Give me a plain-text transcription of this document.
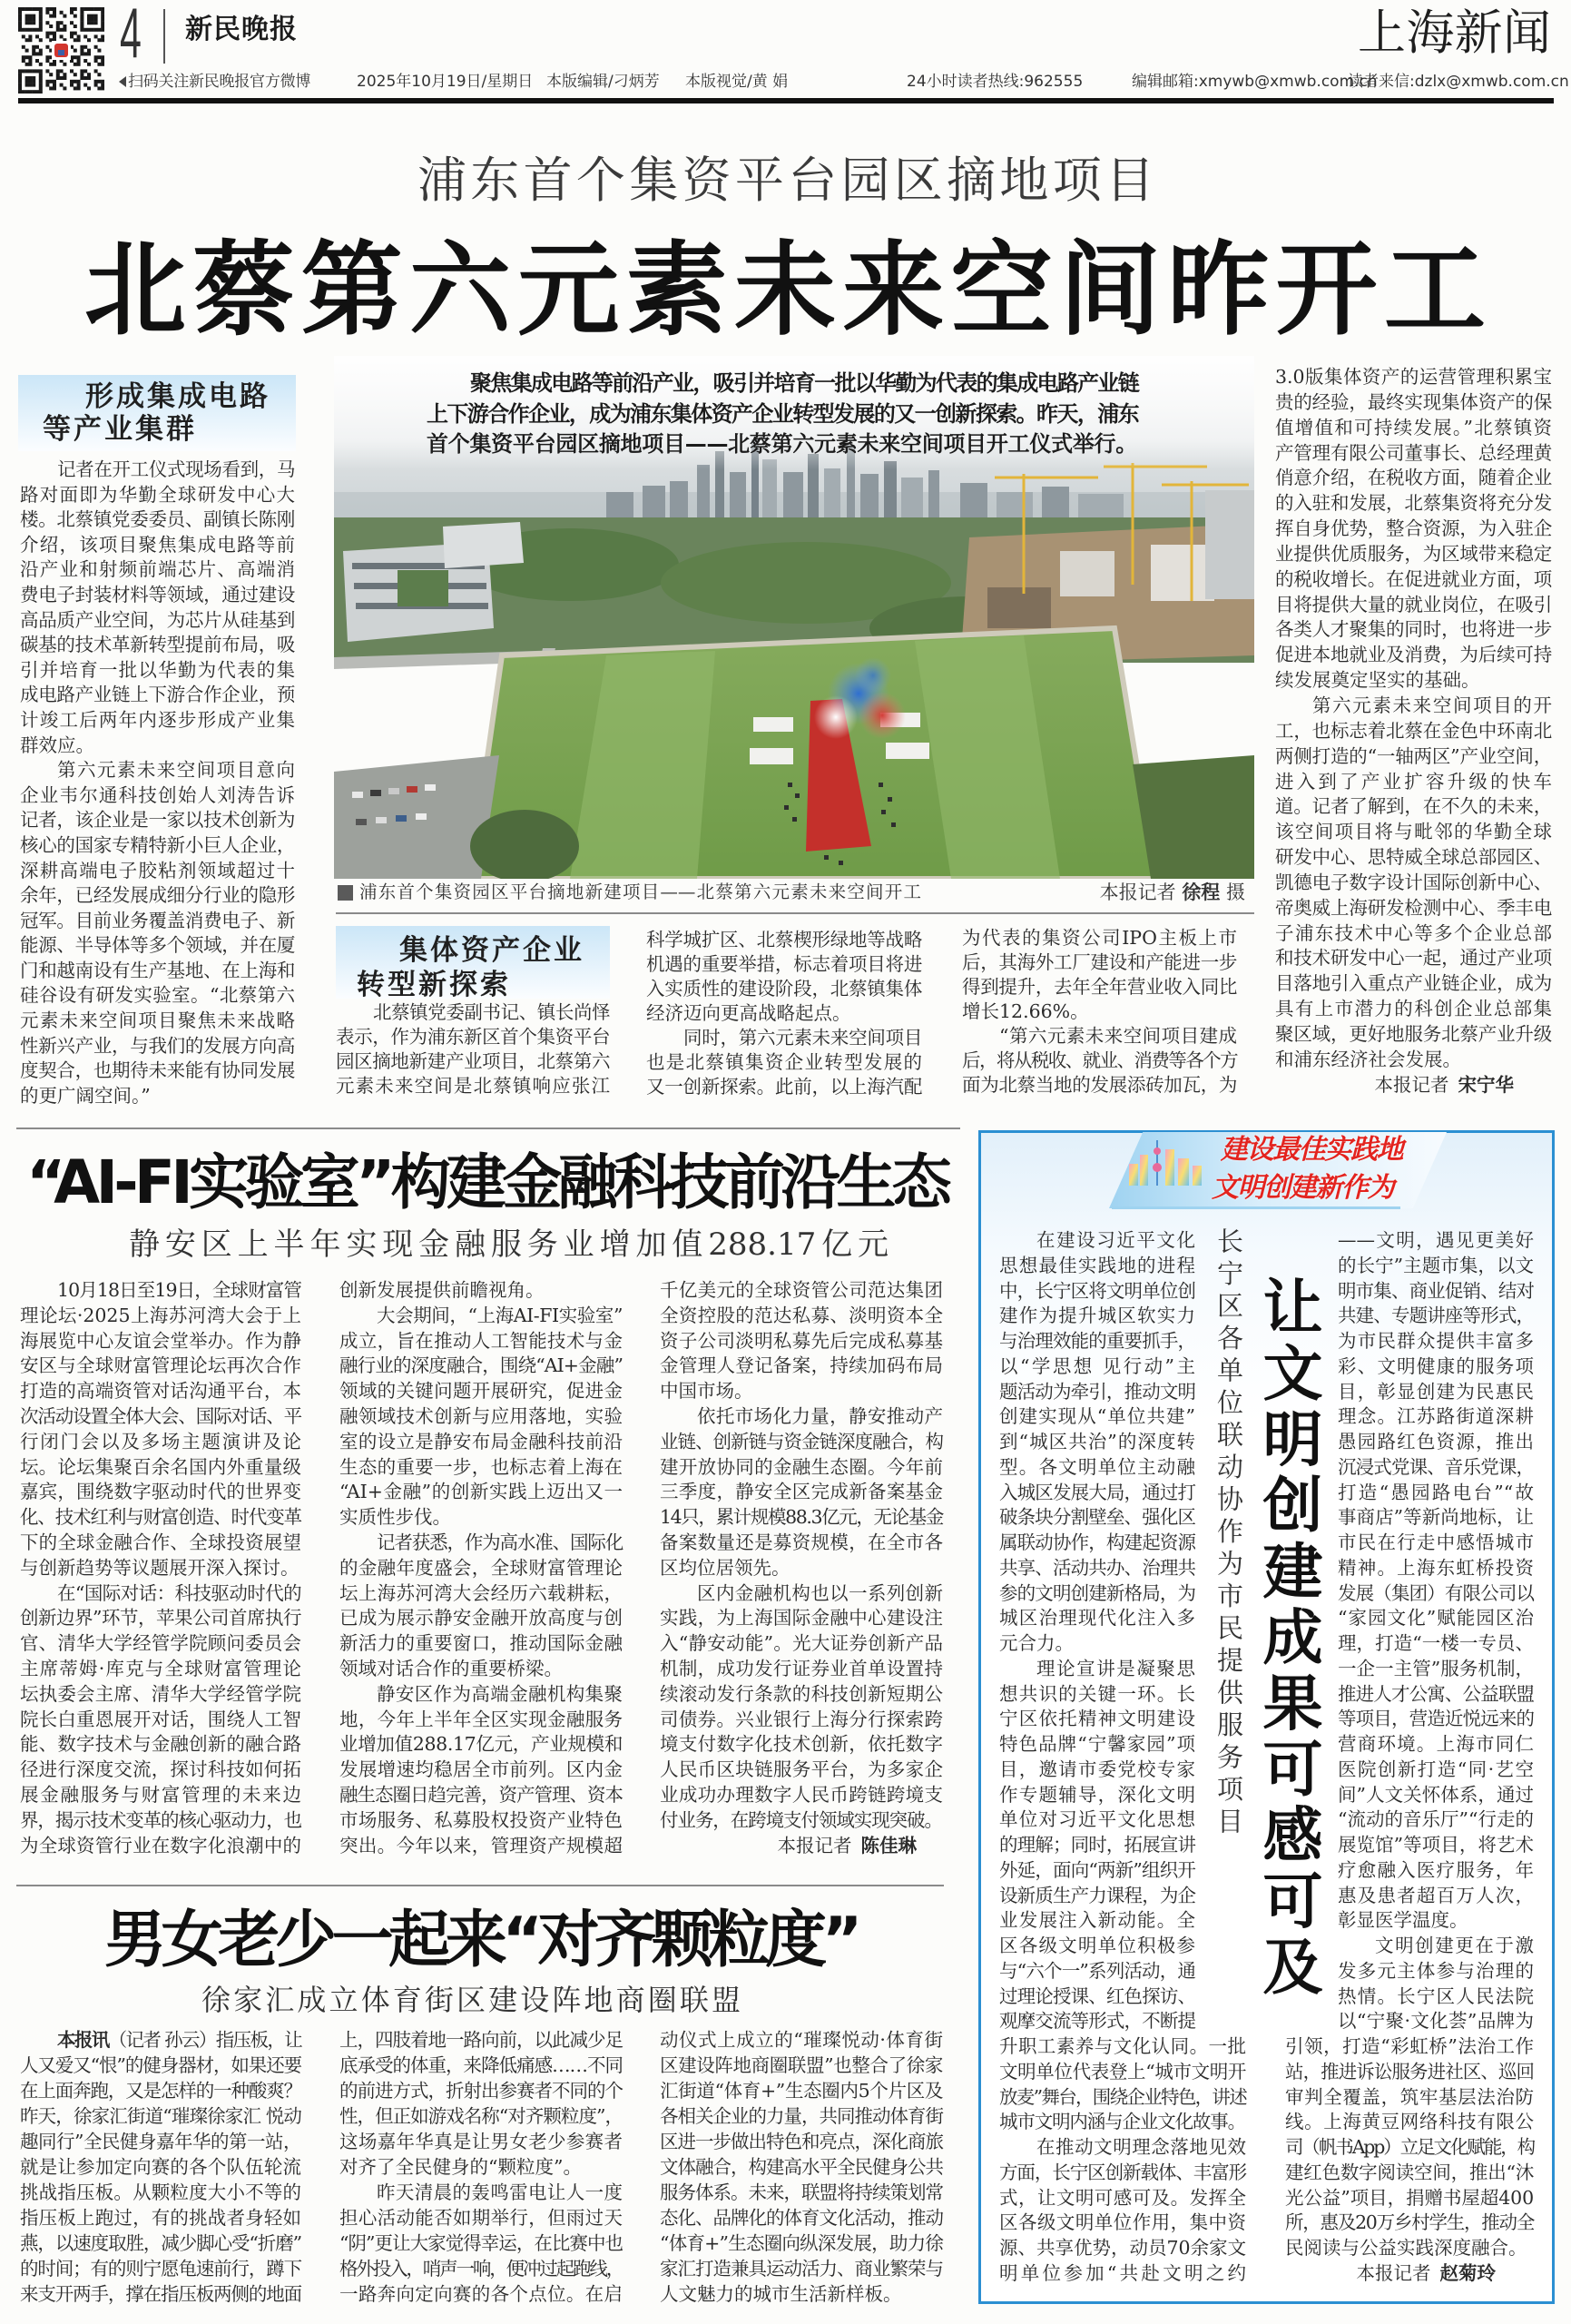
4 新民晚报	上海新闻
扫码关注新民晚报官方微博	2025年10月19日/星期日 本版编辑/刁炳芳 本版视觉/黄 娟	24小时读者热线:962555	编辑邮箱:xmywb@xmwb.com.cn
读者来信:dzlx@xmwb.com.cn
浦东首个集资平台园区摘地项目
北蔡第六元素未来空间昨开工
形成集成电路
等产业集群
记者在开工仪式现场看到，马
路对面即为华勤全球研发中心大
楼。北蔡镇党委委员、副镇长陈刚
介绍，该项目聚焦集成电路等前
沿产业和射频前端芯片、高端消
费电子封装材料等领域，通过建设
高品质产业空间，为芯片从硅基到
碳基的技术革新转型提前布局，吸
引并培育一批以华勤为代表的集
成电路产业链上下游合作企业，预
计竣工后两年内逐步形成产业集
群效应。
第六元素未来空间项目意向
企业韦尔通科技创始人刘涛告诉
记者，该企业是一家以技术创新为
核心的国家专精特新小巨人企业，
深耕高端电子胶粘剂领域超过十
余年，已经发展成细分行业的隐形
冠军。目前业务覆盖消费电子、新
能源、半导体等多个领域，并在厦
门和越南设有生产基地、在上海和
硅谷设有研发实验室。“北蔡第六
元素未来空间项目聚焦未来战略
性新兴产业，与我们的发展方向高
度契合，也期待未来能有协同发展
的更广阔空间。”
聚焦集成电路等前沿产业，吸引并培育一批以华勤为代表的集成电路产业链
上下游合作企业，成为浦东集体资产企业转型发展的又一创新探索。昨天，浦东
首个集资平台园区摘地项目——北蔡第六元素未来空间项目开工仪式举行。
浦东首个集资园区平台摘地新建项目——北蔡第六元素未来空间开工	本报记者 徐程 摄
集体资产企业
转型新探索
北蔡镇党委副书记、镇长尚怿
表示，作为浦东新区首个集资平台
园区摘地新建产业项目，北蔡第六
元素未来空间是北蔡镇响应张江
科学城扩区、北蔡楔形绿地等战略
机遇的重要举措，标志着项目将进
入实质性的建设阶段，北蔡镇集体
经济迈向更高战略起点。
同时，第六元素未来空间项目
也是北蔡镇集资企业转型发展的
又一创新探索。此前，以上海汽配
为代表的集资公司IPO主板上市
后，其海外工厂建设和产能进一步
得到提升，去年全年营业收入同比
增长12.66%。
“第六元素未来空间项目建成
后，将从税收、就业、消费等各个方
面为北蔡当地的发展添砖加瓦，为
3.0版集体资产的运营管理积累宝
贵的经验，最终实现集体资产的保
值增值和可持续发展。”北蔡镇资
产管理有限公司董事长、总经理黄
俏意介绍，在税收方面，随着企业
的入驻和发展，北蔡集资将充分发
挥自身优势，整合资源，为入驻企
业提供优质服务，为区域带来稳定
的税收增长。在促进就业方面，项
目将提供大量的就业岗位，在吸引
各类人才聚集的同时，也将进一步
促进本地就业及消费，为后续可持
续发展奠定坚实的基础。
第六元素未来空间项目的开
工，也标志着北蔡在金色中环南北
两侧打造的“一轴两区”产业空间，
进入到了产业扩容升级的快车
道。记者了解到，在不久的未来，
该空间项目将与毗邻的华勤全球
研发中心、思特威全球总部园区、
凯德电子数字设计国际创新中心、
帝奥威上海研发检测中心、季丰电
子浦东技术中心等多个企业总部
和技术研发中心一起，通过产业项
目落地引入重点产业链企业，成为
具有上市潜力的科创企业总部集
聚区域，更好地服务北蔡产业升级
和浦东经济社会发展。
本报记者 宋宁华
“AI-FI实验室”构建金融科技前沿生态
静安区上半年实现金融服务业增加值288.17亿元
10月18日至19日，全球财富管
理论坛·2025上海苏河湾大会于上
海展览中心友谊会堂举办。作为静
安区与全球财富管理论坛再次合作
打造的高端资管对话沟通平台，本
次活动设置全体大会、国际对话、平
行闭门会以及多场主题演讲及论
坛。论坛集聚百余名国内外重量级
嘉宾，围绕数字驱动时代的世界变
化、技术红利与财富创造、时代变革
下的全球金融合作、全球投资展望
与创新趋势等议题展开深入探讨。
在“国际对话：科技驱动时代的
创新边界”环节，苹果公司首席执行
官、清华大学经管学院顾问委员会
主席蒂姆·库克与全球财富管理论
坛执委会主席、清华大学经管学院
院长白重恩展开对话，围绕人工智
能、数字技术与金融创新的融合路
径进行深度交流，探讨科技如何拓
展金融服务与财富管理的未来边
界，揭示技术变革的核心驱动力，也
为全球资管行业在数字化浪潮中的
创新发展提供前瞻视角。
大会期间，“上海AI-FI实验室”
成立，旨在推动人工智能技术与金
融行业的深度融合，围绕“AI+金融”
领域的关键问题开展研究，促进金
融领域技术创新与应用落地，实验
室的设立是静安布局金融科技前沿
生态的重要一步，也标志着上海在
“AI+金融”的创新实践上迈出又一
实质性步伐。
记者获悉，作为高水准、国际化
的金融年度盛会，全球财富管理论
坛上海苏河湾大会经历六载耕耘，
已成为展示静安金融开放高度与创
新活力的重要窗口，推动国际金融
领域对话合作的重要桥梁。
静安区作为高端金融机构集聚
地，今年上半年全区实现金融服务
业增加值288.17亿元，产业规模和
发展增速均稳居全市前列。区内金
融生态圈日趋完善，资产管理、资本
市场服务、私募股权投资产业特色
突出。今年以来，管理资产规模超
千亿美元的全球资管公司范达集团
全资控股的范达私募、淡明资本全
资子公司淡明私募先后完成私募基
金管理人登记备案，持续加码布局
中国市场。
依托市场化力量，静安推动产
业链、创新链与资金链深度融合，构
建开放协同的金融生态圈。今年前
三季度，静安全区完成新备案基金
14只，累计规模88.3亿元，无论基金
备案数量还是募资规模，在全市各
区均位居领先。
区内金融机构也以一系列创新
实践，为上海国际金融中心建设注
入“静安动能”。光大证券创新产品
机制，成功发行证券业首单设置持
续滚动发行条款的科技创新短期公
司债券。兴业银行上海分行探索跨
境支付数字化技术创新，依托数字
人民币区块链服务平台，为多家企
业成功办理数字人民币跨链跨境支
付业务，在跨境支付领域实现突破。
本报记者 陈佳琳
男女老少一起来“对齐颗粒度”
徐家汇成立体育街区建设阵地商圈联盟
本报讯（记者 孙云）指压板，让
人又爱又“恨”的健身器材，如果还要
在上面奔跑，又是怎样的一种酸爽？
昨天，徐家汇街道“璀璨徐家汇 悦动
趣同行”全民健身嘉年华的第一站，
就是让参加定向赛的各个队伍轮流
挑战指压板。从颗粒度大小不等的
指压板上跑过，有的挑战者身轻如
燕，以速度取胜，减少脚心受“折磨”
的时间；有的则宁愿龟速前行，蹲下
来支开两手，撑在指压板两侧的地面
上，四肢着地一路向前，以此减少足
底承受的体重，来降低痛感……不同
的前进方式，折射出参赛者不同的个
性，但正如游戏名称“对齐颗粒度”，
这场嘉年华真是让男女老少参赛者
对齐了全民健身的“颗粒度”。
昨天清晨的轰鸣雷电让人一度
担心活动能否如期举行，但雨过天
“阴”更让大家觉得幸运，在比赛中也
格外投入，哨声一响，便冲过起跑线，
一路奔向定向赛的各个点位。在启
动仪式上成立的“璀璨悦动·体育街
区建设阵地商圈联盟”也整合了徐家
汇街道“体育+”生态圈内5个片区及
各相关企业的力量，共同推动体育街
区进一步做出特色和亮点，深化商旅
文体融合，构建高水平全民健身公共
服务体系。未来，联盟将持续策划常
态化、品牌化的体育文化活动，推动
“体育+”生态圈向纵深发展，助力徐
家汇打造兼具运动活力、商业繁荣与
人文魅力的城市生活新样板。
建设最佳实践地
文明创建新作为
在建设习近平文化
思想最佳实践地的进程
中，长宁区将文明单位创
建作为提升城区软实力
与治理效能的重要抓手，
以“学思想 见行动”主
题活动为牵引，推动文明
创建实现从“单位共建”
到“城区共治”的深度转
型。各文明单位主动融
入城区发展大局，通过打
破条块分割壁垒、强化区
属联动协作，构建起资源
共享、活动共办、治理共
参的文明创建新格局，为
城区治理现代化注入多
元合力。
理论宣讲是凝聚思
想共识的关键一环。长
宁区依托精神文明建设
特色品牌“宁馨家园”项
目，邀请市委党校专家
作专题辅导，深化文明
单位对习近平文化思想
的理解；同时，拓展宣讲
外延，面向“两新”组织开
设新质生产力课程，为企
业发展注入新动能。全
区各级文明单位积极参
与“六个一”系列活动，通
过理论授课、红色探访、
观摩交流等形式，不断提
升职工素养与文化认同。一批
文明单位代表登上“城市文明开
放麦”舞台，围绕企业特色，讲述
城市文明内涵与企业文化故事。
在推动文明理念落地见效
方面，长宁区创新载体、丰富形
式，让文明可感可及。发挥全
区各级文明单位作用，集中资
源、共享优势，动员70余家文
明单位参加“共赴文明之约
长宁区各单位联动协作为市民提供服务项目 让文明创建成果可感可及
——文明，遇见更美好
的长宁”主题市集，以文
明市集、商业促销、结对
共建、专题讲座等形式，
为市民群众提供丰富多
彩、文明健康的服务项
目，彰显创建为民惠民
理念。江苏路街道深耕
愚园路红色资源，推出
沉浸式党课、音乐党课，
打造“愚园路电台”“故
事商店”等新尚地标，让
市民在行走中感悟城市
精神。上海东虹桥投资
发展（集团）有限公司以
“家园文化”赋能园区治
理，打造“一楼一专员、
一企一主管”服务机制，
推进人才公寓、公益联盟
等项目，营造近悦远来的
营商环境。上海市同仁
医院创新打造“同·艺空
间”人文关怀体系，通过
“流动的音乐厅”“行走的
展览馆”等项目，将艺术
疗愈融入医疗服务，年
惠及患者超百万人次，
彰显医学温度。
文明创建更在于激
发多元主体参与治理的
热情。长宁区人民法院
以“宁聚·文化荟”品牌为
引领，打造“彩虹桥”法治工作
站，推进诉讼服务进社区、巡回
审判全覆盖，筑牢基层法治防
线。上海黄豆网络科技有限公
司（帆书App）立足文化赋能，构
建红色数字阅读空间，推出“沐
光公益”项目，捐赠书屋超400
所，惠及20万乡村学生，推动全
民阅读与公益实践深度融合。
本报记者 赵菊玲
